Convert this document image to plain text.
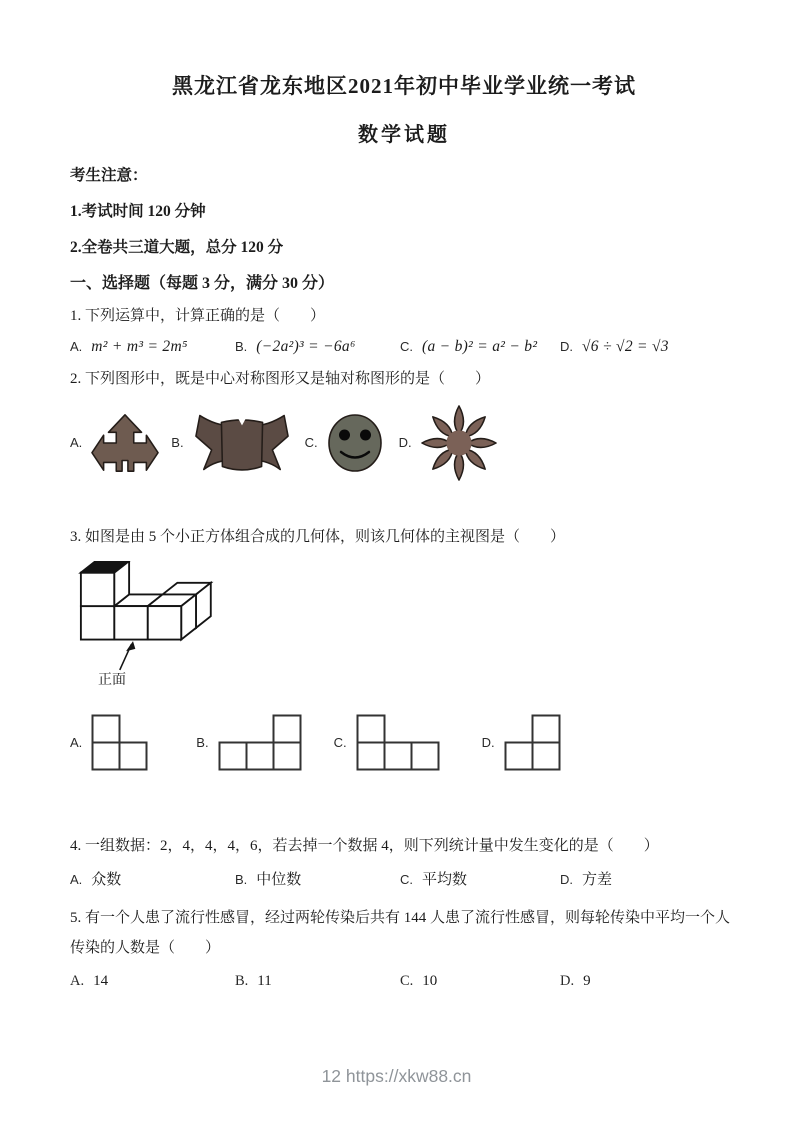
黑龙江省龙东地区2021年初中毕业学业统一考试
数学试题
考生注意：
1.考试时间 120 分钟
2.全卷共三道大题，总分 120 分
一、选择题（每题 3 分，满分 30 分）
1. 下列运算中，计算正确的是（　　）
A. m² + m³ = 2m⁵	B. (−2a²)³ = −6a⁶	C. (a − b)² = a² − b² D. √6 ÷ √2 = √3
2. 下列图形中，既是中心对称图形又是轴对称图形的是（　　）
A.	B.	C.	D.
3. 如图是由 5 个小正方体组合成的几何体，则该几何体的主视图是（　　）
正面
A.	B.	C.	D.
4. 一组数据：2，4，4，4，6，若去掉一个数据 4，则下列统计量中发生变化的是（　　）
A. 众数	B. 中位数	C. 平均数	D. 方差
5. 有一个人患了流行性感冒，经过两轮传染后共有 144 人患了流行性感冒，则每轮传染中平均一个人传染的人数是（　　）
A. 14	B. 11	C. 10	D. 9
12 https://xkw88.cn
